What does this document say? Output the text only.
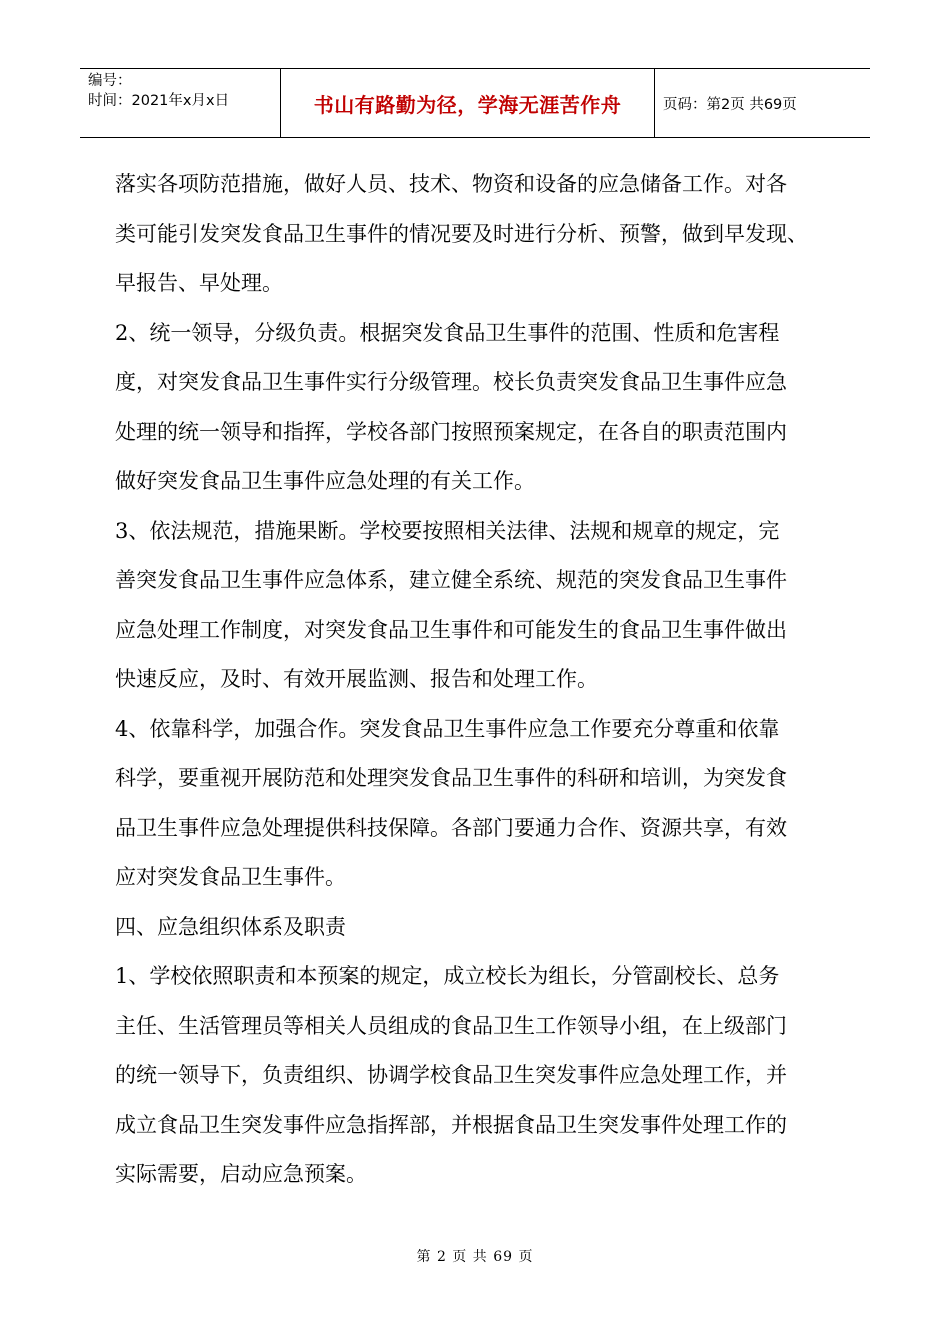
编号：
时间：2021年x月x日	书山有路勤为径，学海无涯苦作舟	页码：第2页 共69页

落实各项防范措施，做好人员、技术、物资和设备的应急储备工作。对各

类可能引发突发食品卫生事件的情况要及时进行分析、预警，做到早发现、

早报告、早处理。

2、统一领导，分级负责。根据突发食品卫生事件的范围、性质和危害程

度，对突发食品卫生事件实行分级管理。校长负责突发食品卫生事件应急

处理的统一领导和指挥，学校各部门按照预案规定，在各自的职责范围内

做好突发食品卫生事件应急处理的有关工作。

3、依法规范，措施果断。学校要按照相关法律、法规和规章的规定，完

善突发食品卫生事件应急体系，建立健全系统、规范的突发食品卫生事件

应急处理工作制度，对突发食品卫生事件和可能发生的食品卫生事件做出

快速反应，及时、有效开展监测、报告和处理工作。

4、依靠科学，加强合作。突发食品卫生事件应急工作要充分尊重和依靠

科学，要重视开展防范和处理突发食品卫生事件的科研和培训，为突发食

品卫生事件应急处理提供科技保障。各部门要通力合作、资源共享，有效

应对突发食品卫生事件。

四、应急组织体系及职责

1、学校依照职责和本预案的规定，成立校长为组长，分管副校长、总务

主任、生活管理员等相关人员组成的食品卫生工作领导小组，在上级部门

的统一领导下，负责组织、协调学校食品卫生突发事件应急处理工作，并

成立食品卫生突发事件应急指挥部，并根据食品卫生突发事件处理工作的

实际需要，启动应急预案。

第 2 页 共 69 页
